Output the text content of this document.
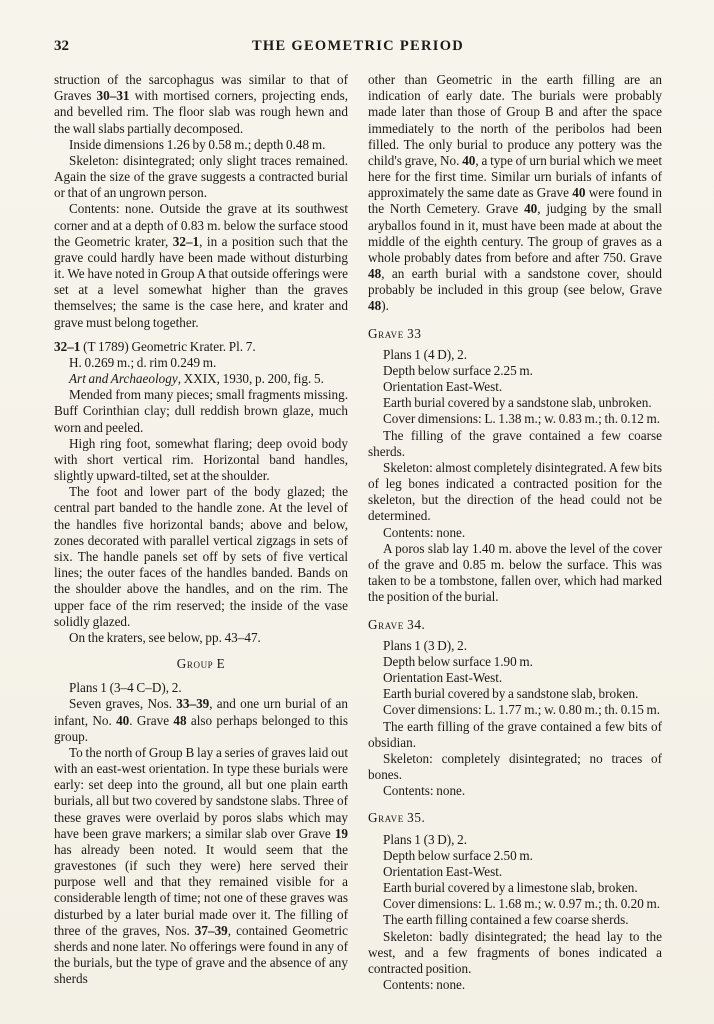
32	THE GEOMETRIC PERIOD

struction of the sarcophagus was similar to that of Graves 30–31 with mortised corners, projecting ends, and bevelled rim. The floor slab was rough hewn and the wall slabs partially decomposed.

Inside dimensions 1.26 by 0.58 m.; depth 0.48 m.

Skeleton: disintegrated; only slight traces remained. Again the size of the grave suggests a contracted burial or that of an ungrown person.

Contents: none. Outside the grave at its southwest corner and at a depth of 0.83 m. below the surface stood the Geometric krater, 32–1, in a position such that the grave could hardly have been made without disturbing it. We have noted in Group A that outside offerings were set at a level somewhat higher than the graves themselves; the same is the case here, and krater and grave must belong together.

32–1 (T 1789) Geometric Krater. Pl. 7.

H. 0.269 m.; d. rim 0.249 m.

Art and Archaeology, XXIX, 1930, p. 200, fig. 5.

Mended from many pieces; small fragments missing. Buff Corinthian clay; dull reddish brown glaze, much worn and peeled.

High ring foot, somewhat flaring; deep ovoid body with short vertical rim. Horizontal band handles, slightly upward-tilted, set at the shoulder.

The foot and lower part of the body glazed; the central part banded to the handle zone. At the level of the handles five horizontal bands; above and below, zones decorated with parallel vertical zigzags in sets of six. The handle panels set off by sets of five vertical lines; the outer faces of the handles banded. Bands on the shoulder above the handles, and on the rim. The upper face of the rim reserved; the inside of the vase solidly glazed.

On the kraters, see below, pp. 43–47.

Group E

Plans 1 (3–4 C–D), 2.

Seven graves, Nos. 33–39, and one urn burial of an infant, No. 40. Grave 48 also perhaps belonged to this group.

To the north of Group B lay a series of graves laid out with an east-west orientation. In type these burials were early: set deep into the ground, all but one plain earth burials, all but two covered by sandstone slabs. Three of these graves were overlaid by poros slabs which may have been grave markers; a similar slab over Grave 19 has already been noted. It would seem that the gravestones (if such they were) here served their purpose well and that they remained visible for a considerable length of time; not one of these graves was disturbed by a later burial made over it. The filling of three of the graves, Nos. 37–39, contained Geometric sherds and none later. No offerings were found in any of the burials, but the type of grave and the absence of any sherds

other than Geometric in the earth filling are an indication of early date. The burials were probably made later than those of Group B and after the space immediately to the north of the peribolos had been filled. The only burial to produce any pottery was the child's grave, No. 40, a type of urn burial which we meet here for the first time. Similar urn burials of infants of approximately the same date as Grave 40 were found in the North Cemetery. Grave 40, judging by the small aryballos found in it, must have been made at about the middle of the eighth century. The group of graves as a whole probably dates from before and after 750. Grave 48, an earth burial with a sandstone cover, should probably be included in this group (see below, Grave 48).

Grave 33

Plans 1 (4 D), 2.

Depth below surface 2.25 m.

Orientation East-West.

Earth burial covered by a sandstone slab, unbroken.

Cover dimensions: L. 1.38 m.; w. 0.83 m.; th. 0.12 m.

The filling of the grave contained a few coarse sherds.

Skeleton: almost completely disintegrated. A few bits of leg bones indicated a contracted position for the skeleton, but the direction of the head could not be determined.

Contents: none.

A poros slab lay 1.40 m. above the level of the cover of the grave and 0.85 m. below the surface. This was taken to be a tombstone, fallen over, which had marked the position of the burial.

Grave 34.

Plans 1 (3 D), 2.

Depth below surface 1.90 m.

Orientation East-West.

Earth burial covered by a sandstone slab, broken.

Cover dimensions: L. 1.77 m.; w. 0.80 m.; th. 0.15 m.

The earth filling of the grave contained a few bits of obsidian.

Skeleton: completely disintegrated; no traces of bones.

Contents: none.

Grave 35.

Plans 1 (3 D), 2.

Depth below surface 2.50 m.

Orientation East-West.

Earth burial covered by a limestone slab, broken.

Cover dimensions: L. 1.68 m.; w. 0.97 m.; th. 0.20 m.

The earth filling contained a few coarse sherds.

Skeleton: badly disintegrated; the head lay to the west, and a few fragments of bones indicated a contracted position.

Contents: none.
